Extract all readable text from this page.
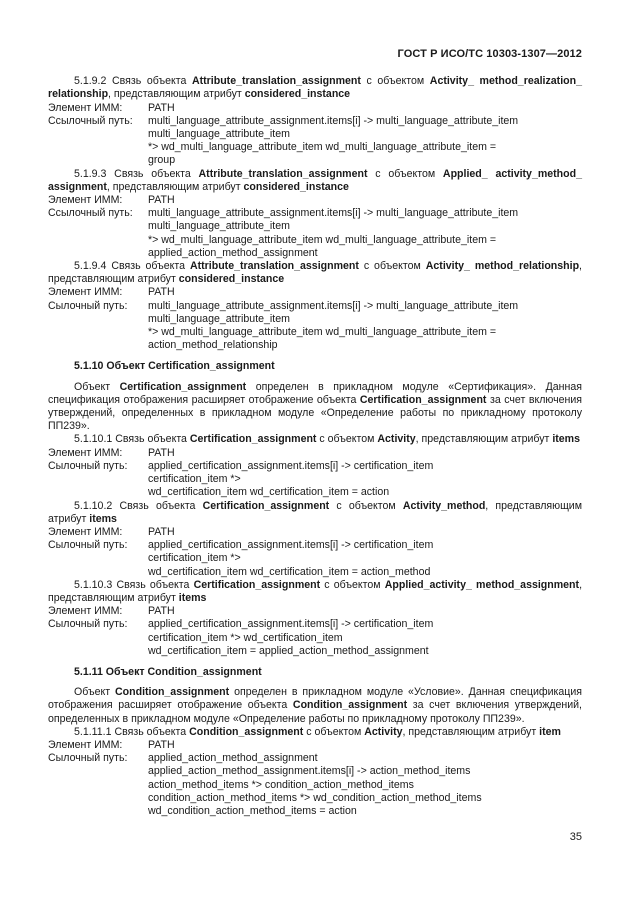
ГОСТ Р ИСО/ТС 10303-1307—2012

5.1.9.2 Связь объекта Attribute_translation_assignment с объектом Activity_ method_realization_ relationship, представляющим атрибут considered_instance

Элемент ИММ:	PATH
Ссылочный путь:	multi_language_attribute_assignment.items[i] -> multi_language_attribute_item
multi_language_attribute_item
*> wd_multi_language_attribute_item wd_multi_language_attribute_item =
group

5.1.9.3 Связь объекта Attribute_translation_assignment с объектом Applied_ activity_method_ assignment, представляющим атрибут considered_instance

Элемент ИММ:	PATH
Ссылочный путь:	multi_language_attribute_assignment.items[i] -> multi_language_attribute_item
multi_language_attribute_item
*> wd_multi_language_attribute_item wd_multi_language_attribute_item =
applied_action_method_assignment

5.1.9.4 Связь объекта Attribute_translation_assignment с объектом Activity_ method_relationship, представляющим атрибут considered_instance

Элемент ИММ:	PATH
Сылочный путь:	multi_language_attribute_assignment.items[i] -> multi_language_attribute_item
multi_language_attribute_item
*> wd_multi_language_attribute_item wd_multi_language_attribute_item =
action_method_relationship
5.1.10 Объект Certification_assignment

Объект Certification_assignment определен в прикладном модуле «Сертификация». Данная спецификация отображения расширяет отображение объекта Certification_assignment за счет включения утверждений, определенных в прикладном модуле «Определение работы по прикладному протоколу ПП239».

5.1.10.1 Связь объекта Certification_assignment с объектом Activity, представляющим атрибут items

Элемент ИММ:	PATH
Сылочный путь:	applied_certification_assignment.items[i] -> certification_item
certification_item *>
wd_certification_item wd_certification_item = action

5.1.10.2 Связь объекта Certification_assignment с объектом Activity_method, представляющим атрибут items

Элемент ИММ:	PATH
Сылочный путь:	applied_certification_assignment.items[i] -> certification_item
certification_item *>
wd_certification_item wd_certification_item = action_method

5.1.10.3 Связь объекта Certification_assignment с объектом Applied_activity_ method_assignment, представляющим атрибут items

Элемент ИММ:	PATH
Сылочный путь:	applied_certification_assignment.items[i] -> certification_item
certification_item *> wd_certification_item
wd_certification_item = applied_action_method_assignment
5.1.11 Объект Condition_assignment

Объект Condition_assignment определен в прикладном модуле «Условие». Данная спецификация отображения расширяет отображение объекта Condition_assignment за счет включения утверждений, определенных в прикладном модуле «Определение работы по прикладному протоколу ПП239».

5.1.11.1 Связь объекта Condition_assignment с объектом Activity, представляющим атрибут item

Элемент ИММ:	PATH
Сылочный путь:	applied_action_method_assignment
applied_action_method_assignment.items[i] -> action_method_items
action_method_items *> condition_action_method_items
condition_action_method_items *> wd_condition_action_method_items
wd_condition_action_method_items = action
35
